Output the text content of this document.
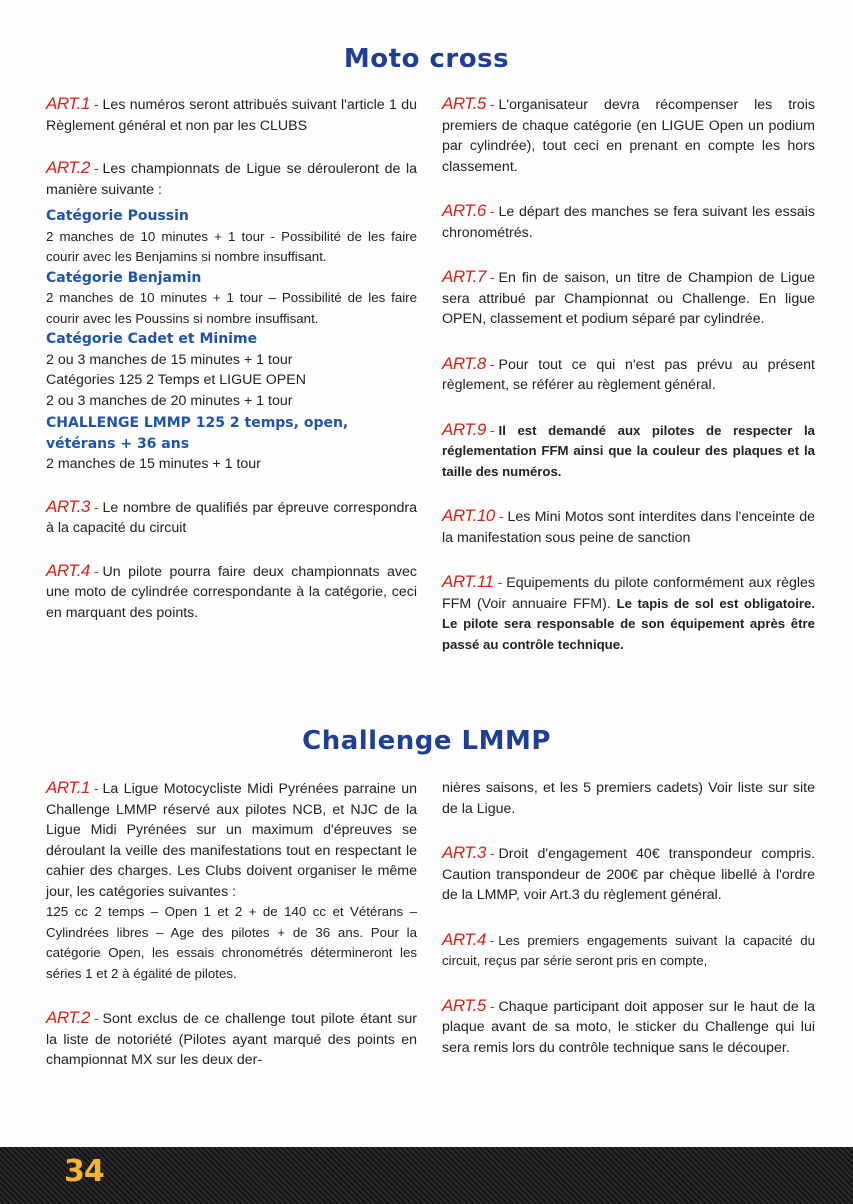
Moto cross

ART.1 - Les numéros seront attribués suivant l'article 1 du Règlement général et non par les CLUBS

ART.2 - Les championnats de Ligue se dérouleront de la manière suivante :

Catégorie Poussin

2 manches de 10 minutes + 1 tour - Possibilité de les faire courir avec les Benjamins si nombre insuffisant.

Catégorie Benjamin

2 manches de 10 minutes + 1 tour – Possibilité de les faire courir avec les Poussins si nombre insuffisant.

Catégorie Cadet et Minime

2 ou 3 manches de 15 minutes + 1 tour

Catégories 125 2 Temps et LIGUE OPEN

2 ou 3 manches de 20 minutes + 1 tour

CHALLENGE LMMP 125 2 temps, open, vétérans + 36 ans

2 manches de 15 minutes + 1 tour

ART.3 - Le nombre de qualifiés par épreuve correspondra à la capacité du circuit

ART.4 - Un pilote pourra faire deux championnats avec une moto de cylindrée correspondante à la catégorie, ceci en marquant des points.

ART.5 - L'organisateur devra récompenser les trois premiers de chaque catégorie (en LIGUE Open un podium par cylindrée), tout ceci en prenant en compte les hors classement.

ART.6 - Le départ des manches se fera suivant les essais chronométrés.

ART.7 - En fin de saison, un titre de Champion de Ligue sera attribué par Championnat ou Challenge. En ligue OPEN, classement et podium séparé par cylindrée.

ART.8 - Pour tout ce qui n'est pas prévu au présent règlement, se référer au règlement général.

ART.9 - Il est demandé aux pilotes de respecter la réglementation FFM ainsi que la couleur des plaques et la taille des numéros.

ART.10 - Les Mini Motos sont interdites dans l'enceinte de la manifestation sous peine de sanction

ART.11 - Equipements du pilote conformément aux règles FFM (Voir annuaire FFM). Le tapis de sol est obligatoire. Le pilote sera responsable de son équipement après être passé au contrôle technique.

Challenge LMMP

ART.1 - La Ligue Motocycliste Midi Pyrénées parraine un Challenge LMMP réservé aux pilotes NCB, et NJC de la Ligue Midi Pyrénées sur un maximum d'épreuves se déroulant la veille des manifestations tout en respectant le cahier des charges. Les Clubs doivent organiser le même jour, les catégories suivantes :

125 cc 2 temps – Open 1 et 2 + de 140 cc et Vétérans – Cylindrées libres – Age des pilotes + de 36 ans. Pour la catégorie Open, les essais chronométrés détermineront les séries 1 et 2 à égalité de pilotes.

ART.2 - Sont exclus de ce challenge tout pilote étant sur la liste de notoriété (Pilotes ayant marqué des points en championnat MX sur les deux der-

nières saisons, et les 5 premiers cadets) Voir liste sur site de la Ligue.

ART.3 - Droit d'engagement 40€ transpondeur compris. Caution transpondeur de 200€ par chèque libellé à l'ordre de la LMMP, voir Art.3 du règlement général.

ART.4 - Les premiers engagements suivant la capacité du circuit, reçus par série seront pris en compte,

ART.5 - Chaque participant doit apposer sur le haut de la plaque avant de sa moto, le sticker du Challenge qui lui sera remis lors du contrôle technique sans le découper.

34
